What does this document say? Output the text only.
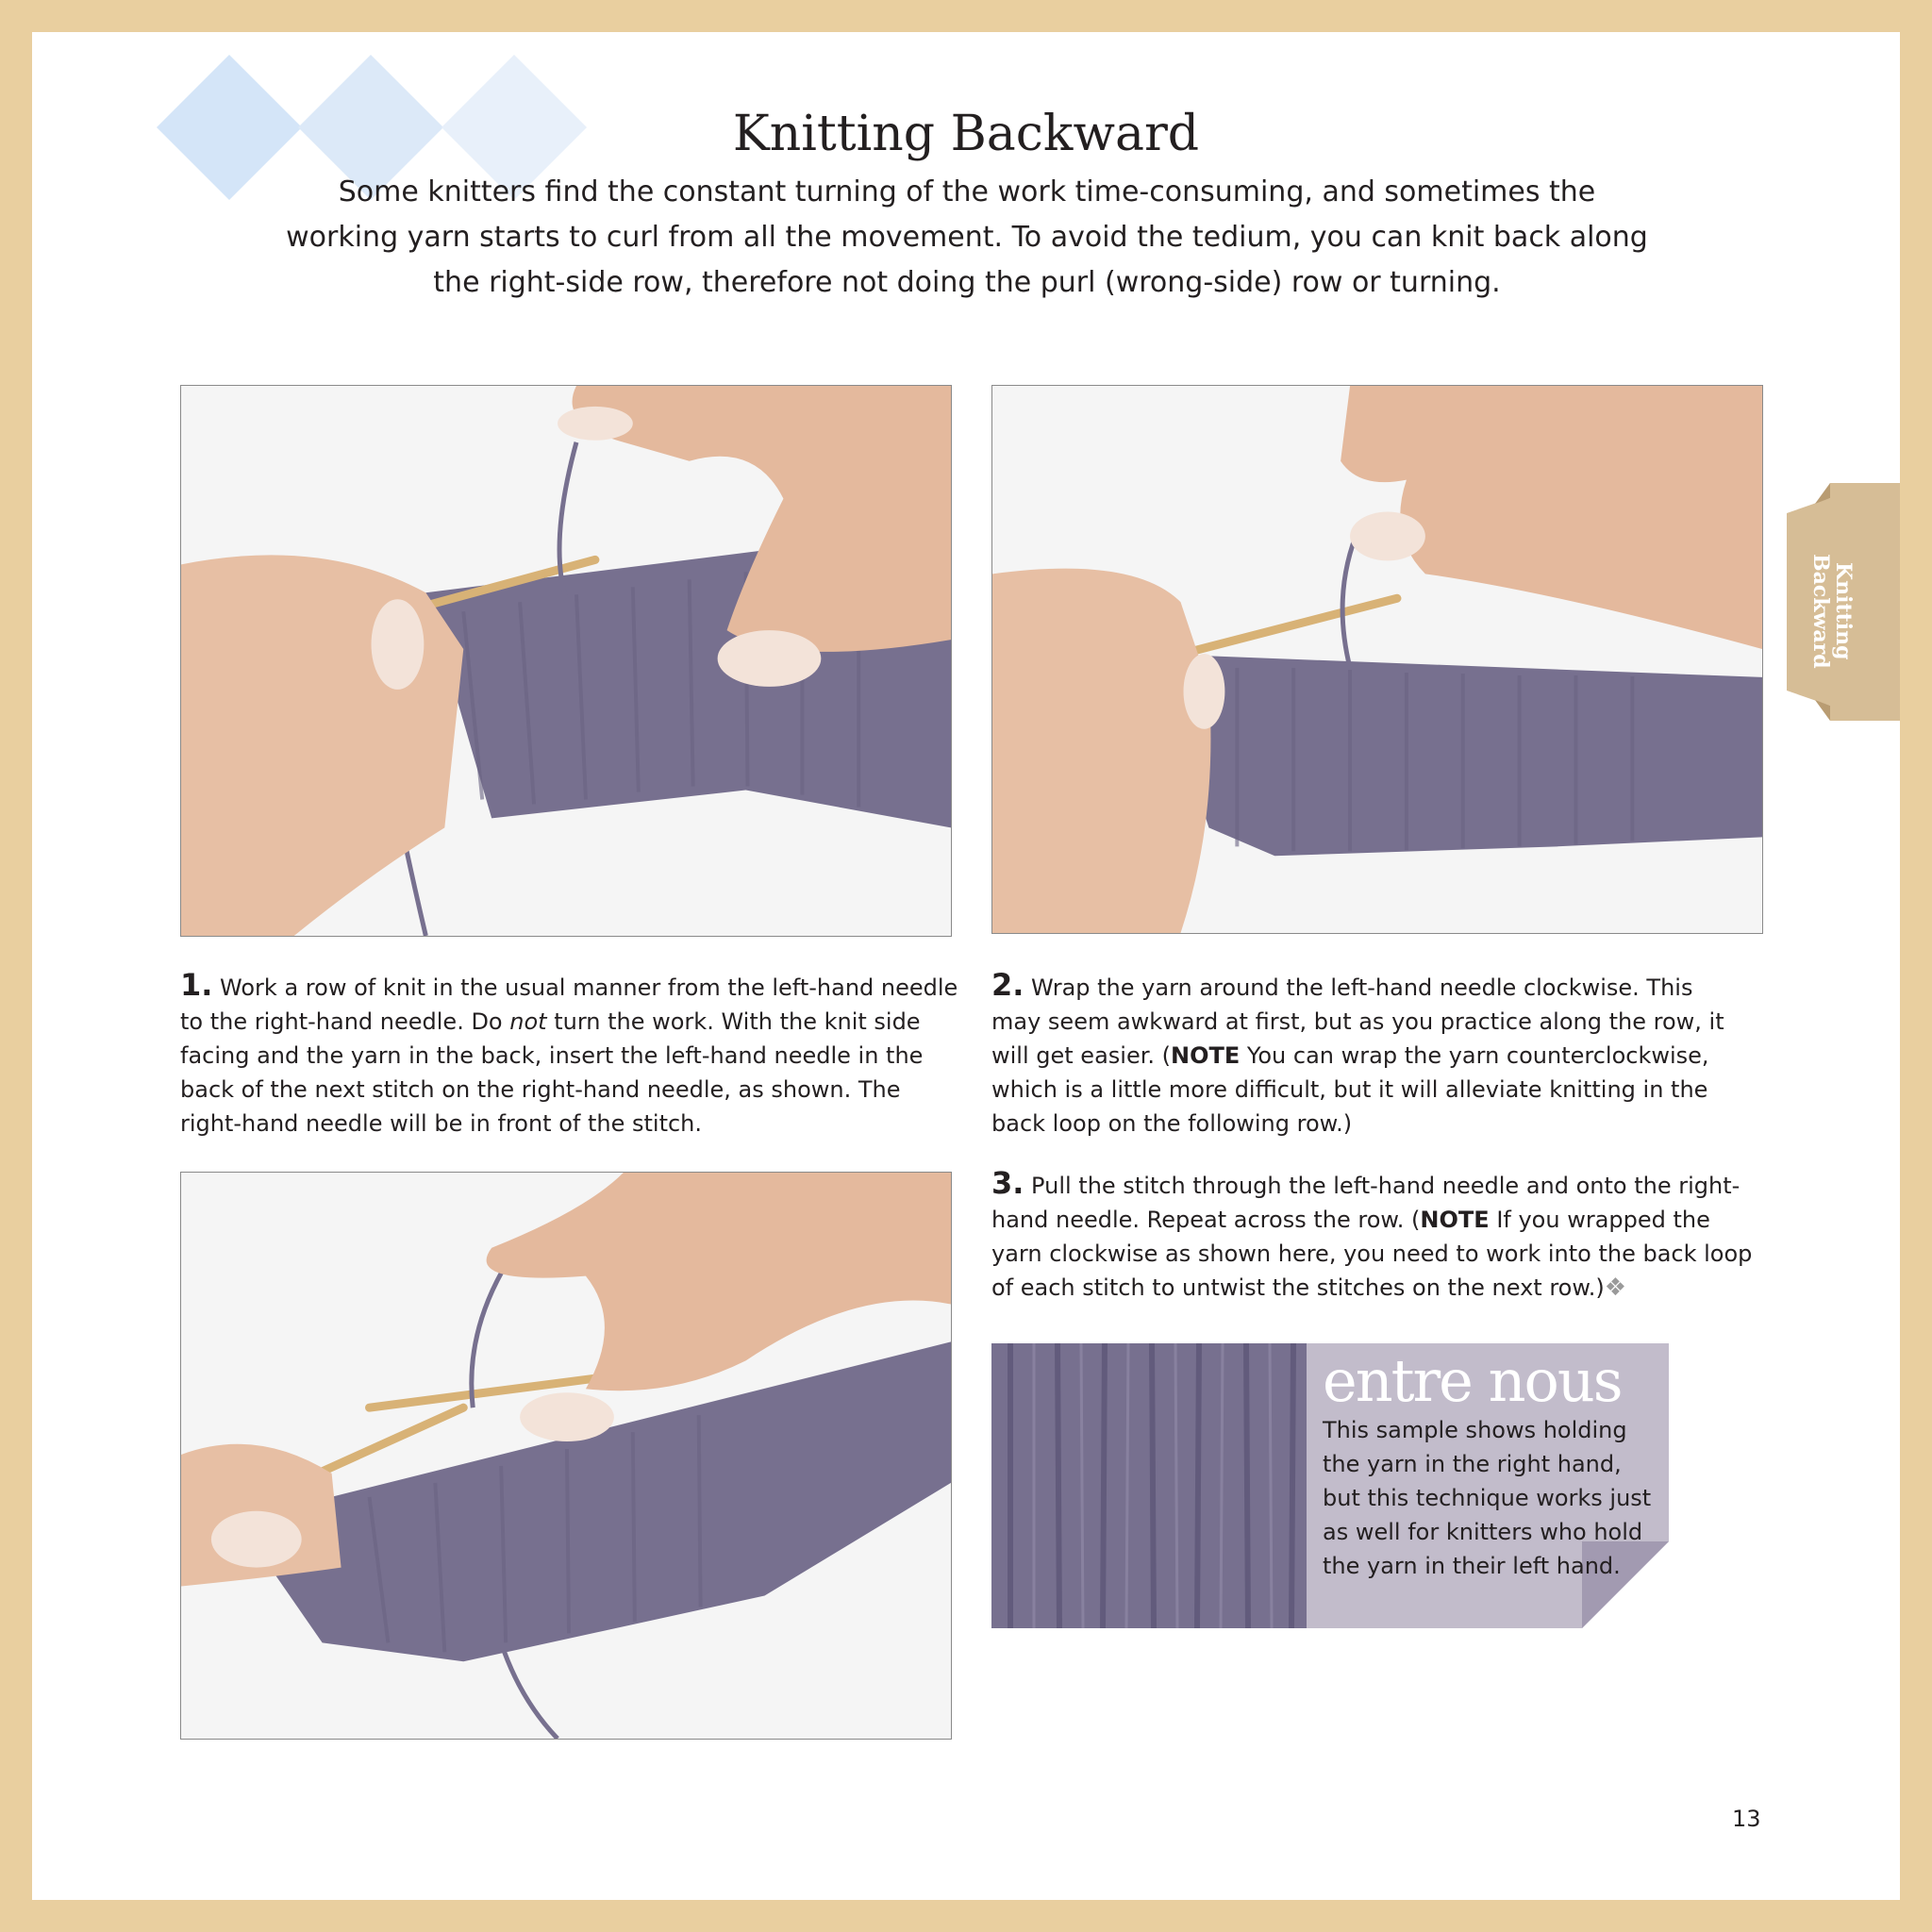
Knitting Backward

Some knitters find the constant turning of the work time-consuming, and sometimes the working yarn starts to curl from all the movement. To avoid the tedium, you can knit back along the right-side row, therefore not doing the purl (wrong-side) row or turning.

Knitting Backward

1. Work a row of knit in the usual manner from the left-hand needle to the right-hand needle. Do not turn the work. With the knit side facing and the yarn in the back, insert the left-hand needle in the back of the next stitch on the right-hand needle, as shown. The right-hand needle will be in front of the stitch.

2. Wrap the yarn around the left-hand needle clockwise. This may seem awkward at first, but as you practice along the row, it will get easier. (NOTE You can wrap the yarn counterclockwise, which is a little more difficult, but it will alleviate knitting in the back loop on the following row.)

3. Pull the stitch through the left-hand needle and onto the right-hand needle. Repeat across the row. (NOTE If you wrapped the yarn clockwise as shown here, you need to work into the back loop of each stitch to untwist the stitches on the next row.)❖

entre nous

This sample shows holding the yarn in the right hand, but this technique works just as well for knitters who hold the yarn in their left hand.

13
